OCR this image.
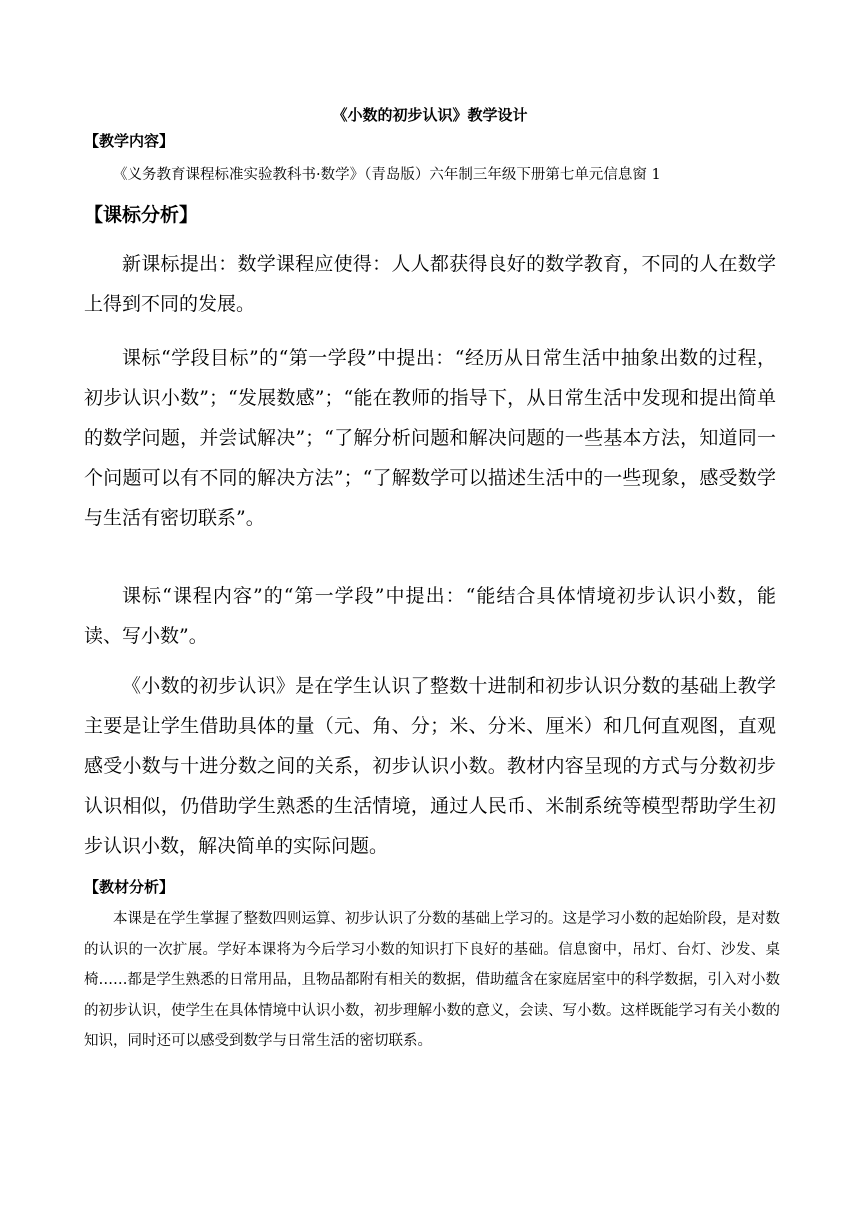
《小数的初步认识》教学设计
【教学内容】
《义务教育课程标准实验教科书·数学》（青岛版）六年制三年级下册第七单元信息窗 1
【课标分析】
新课标提出：数学课程应使得：人人都获得良好的数学教育，不同的人在数学上得到不同的发展。
课标“学段目标”的“第一学段”中提出：“经历从日常生活中抽象出数的过程，初步认识小数”；“发展数感”；“能在教师的指导下，从日常生活中发现和提出简单的数学问题，并尝试解决”；“了解分析问题和解决问题的一些基本方法，知道同一个问题可以有不同的解决方法”；“了解数学可以描述生活中的一些现象，感受数学与生活有密切联系”。
课标“课程内容”的“第一学段”中提出：“能结合具体情境初步认识小数，能读、写小数”。
《小数的初步认识》是在学生认识了整数十进制和初步认识分数的基础上教学主要是让学生借助具体的量（元、角、分；米、分米、厘米）和几何直观图，直观感受小数与十进分数之间的关系，初步认识小数。教材内容呈现的方式与分数初步认识相似，仍借助学生熟悉的生活情境，通过人民币、米制系统等模型帮助学生初步认识小数，解决简单的实际问题。
【教材分析】
本课是在学生掌握了整数四则运算、初步认识了分数的基础上学习的。这是学习小数的起始阶段，是对数的认识的一次扩展。学好本课将为今后学习小数的知识打下良好的基础。信息窗中，吊灯、台灯、沙发、桌椅……都是学生熟悉的日常用品，且物品都附有相关的数据，借助蕴含在家庭居室中的科学数据，引入对小数的初步认识，使学生在具体情境中认识小数，初步理解小数的意义，会读、写小数。这样既能学习有关小数的知识，同时还可以感受到数学与日常生活的密切联系。
